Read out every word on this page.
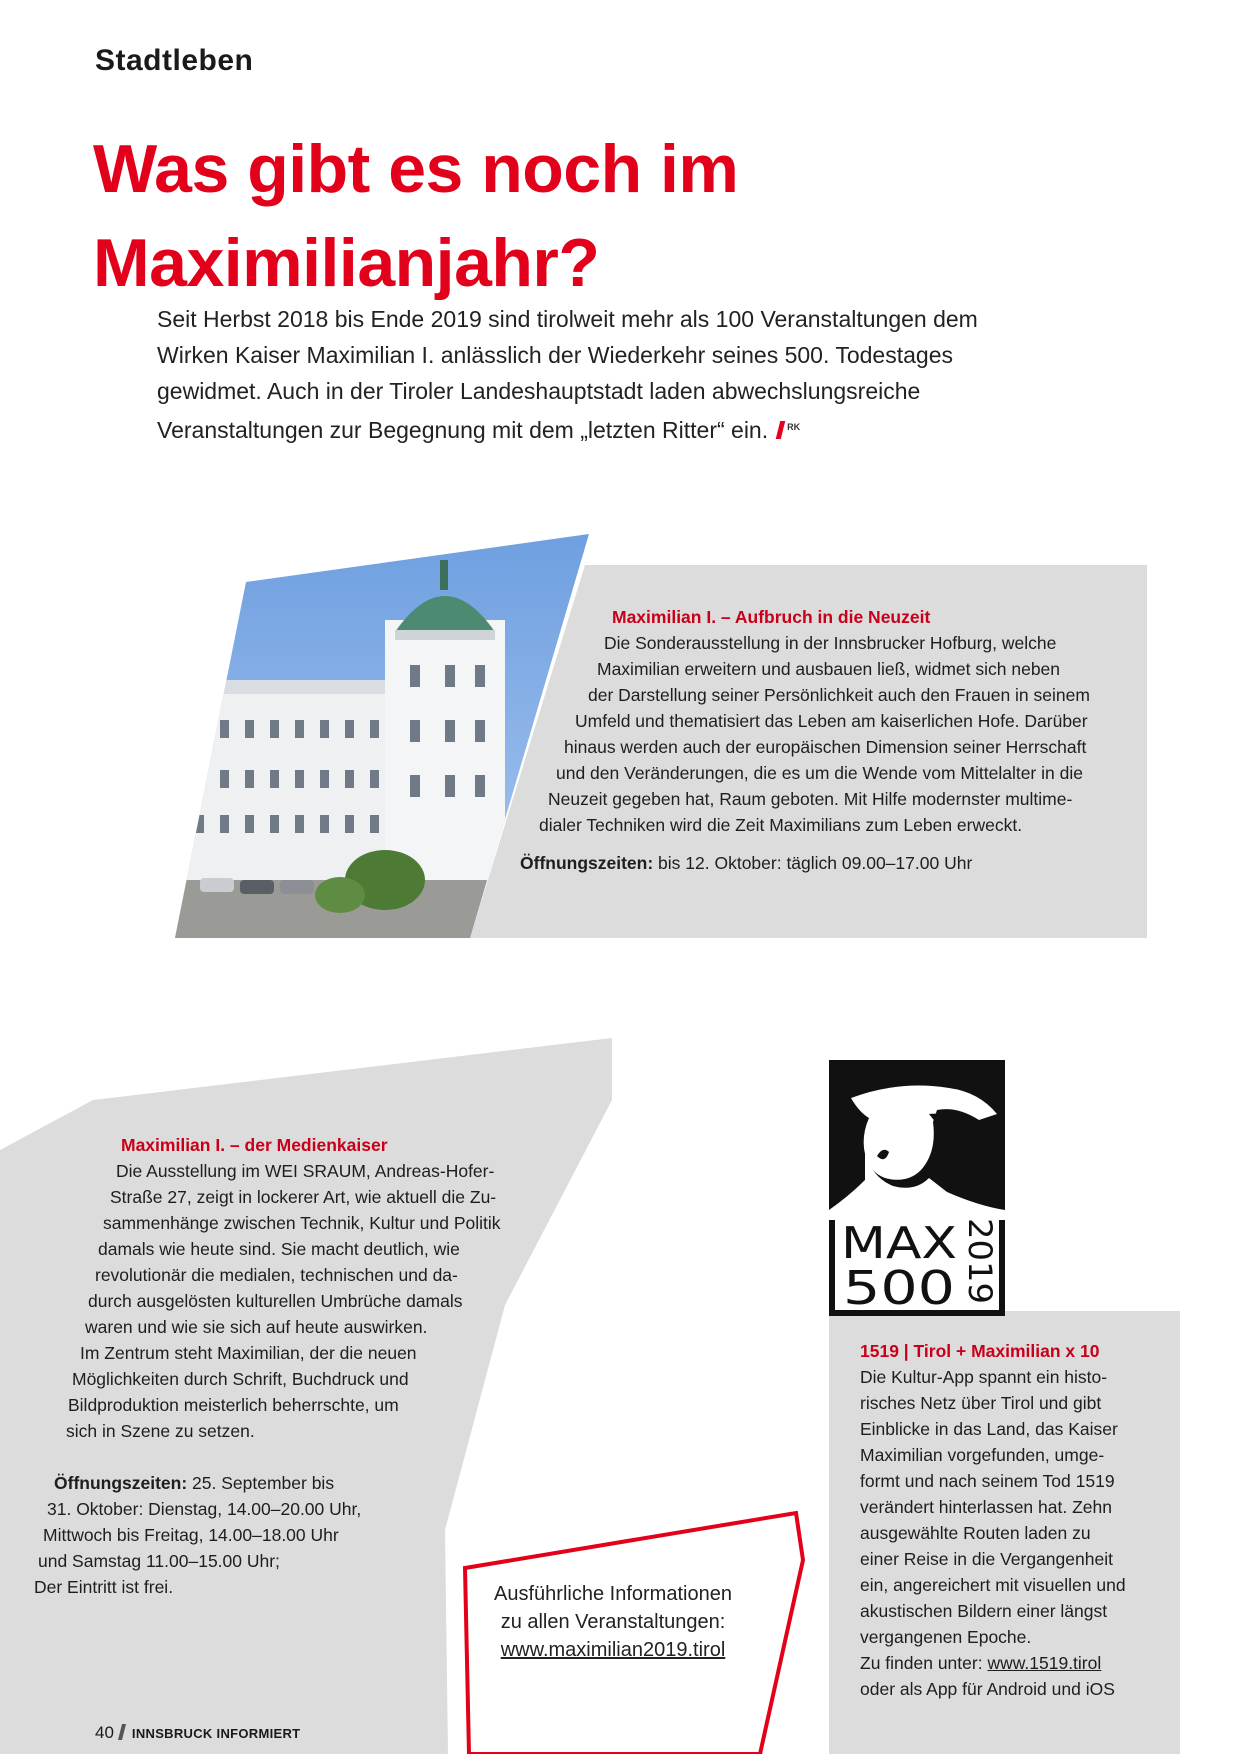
Stadtleben
Was gibt es noch im
Maximilianjahr?

Seit Herbst 2018 bis Ende 2019 sind tirolweit mehr als 100 Veranstaltungen dem

Wirken Kaiser Maximilian I. anlässlich der Wiederkehr seines 500. Todestages

gewidmet. Auch in der Tiroler Landeshauptstadt laden abwechslungsreiche

Veranstaltungen zur Begegnung mit dem „letzten Ritter“ ein. $^{RK}$

Maximilian I. – Aufbruch in die Neuzeit

Die Sonderausstellung in der Innsbrucker Hofburg, welche

Maximilian erweitern und ausbauen ließ, widmet sich neben

der Darstellung seiner Persönlichkeit auch den Frauen in seinem

Umfeld und thematisiert das Leben am kaiserlichen Hofe. Darüber

hinaus werden auch der europäischen Dimension seiner Herrschaft

und den Veränderungen, die es um die Wende vom Mittelalter in die

Neuzeit gegeben hat, Raum geboten. Mit Hilfe modernster multime-

dialer Techniken wird die Zeit Maximilians zum Leben erweckt.

Öffnungszeiten: bis 12. Oktober: täglich 09.00–17.00 Uhr

Maximilian I. – der Medienkaiser

Die Ausstellung im WEI SRAUM, Andreas-Hofer-

Straße 27, zeigt in lockerer Art, wie aktuell die Zu-

sammenhänge zwischen Technik, Kultur und Politik

damals wie heute sind. Sie macht deutlich, wie

revolutionär die medialen, technischen und da-

durch ausgelösten kulturellen Umbrüche damals

waren und wie sie sich auf heute auswirken.

Im Zentrum steht Maximilian, der die neuen

Möglichkeiten durch Schrift, Buchdruck und

Bildproduktion meisterlich beherrschte, um

sich in Szene zu setzen.

Öffnungszeiten: 25. September bis

31. Oktober: Dienstag, 14.00–20.00 Uhr,

Mittwoch bis Freitag, 14.00–18.00 Uhr

und Samstag 11.00–15.00 Uhr;

Der Eintritt ist frei.

MAX
500 2019

1519 | Tirol + Maximilian x 10

Die Kultur-App spannt ein histo-

risches Netz über Tirol und gibt

Einblicke in das Land, das Kaiser

Maximilian vorgefunden, umge-

formt und nach seinem Tod 1519

verändert hinterlassen hat. Zehn

ausgewählte Routen laden zu

einer Reise in die Vergangenheit

ein, angereichert mit visuellen und

akustischen Bildern einer längst

vergangenen Epoche.

Zu finden unter: www.1519.tirol

oder als App für Android und iOS

Ausführliche Informationen

zu allen Veranstaltungen:

www.maximilian2019.tirol

40 INNSBRUCK INFORMIERT
